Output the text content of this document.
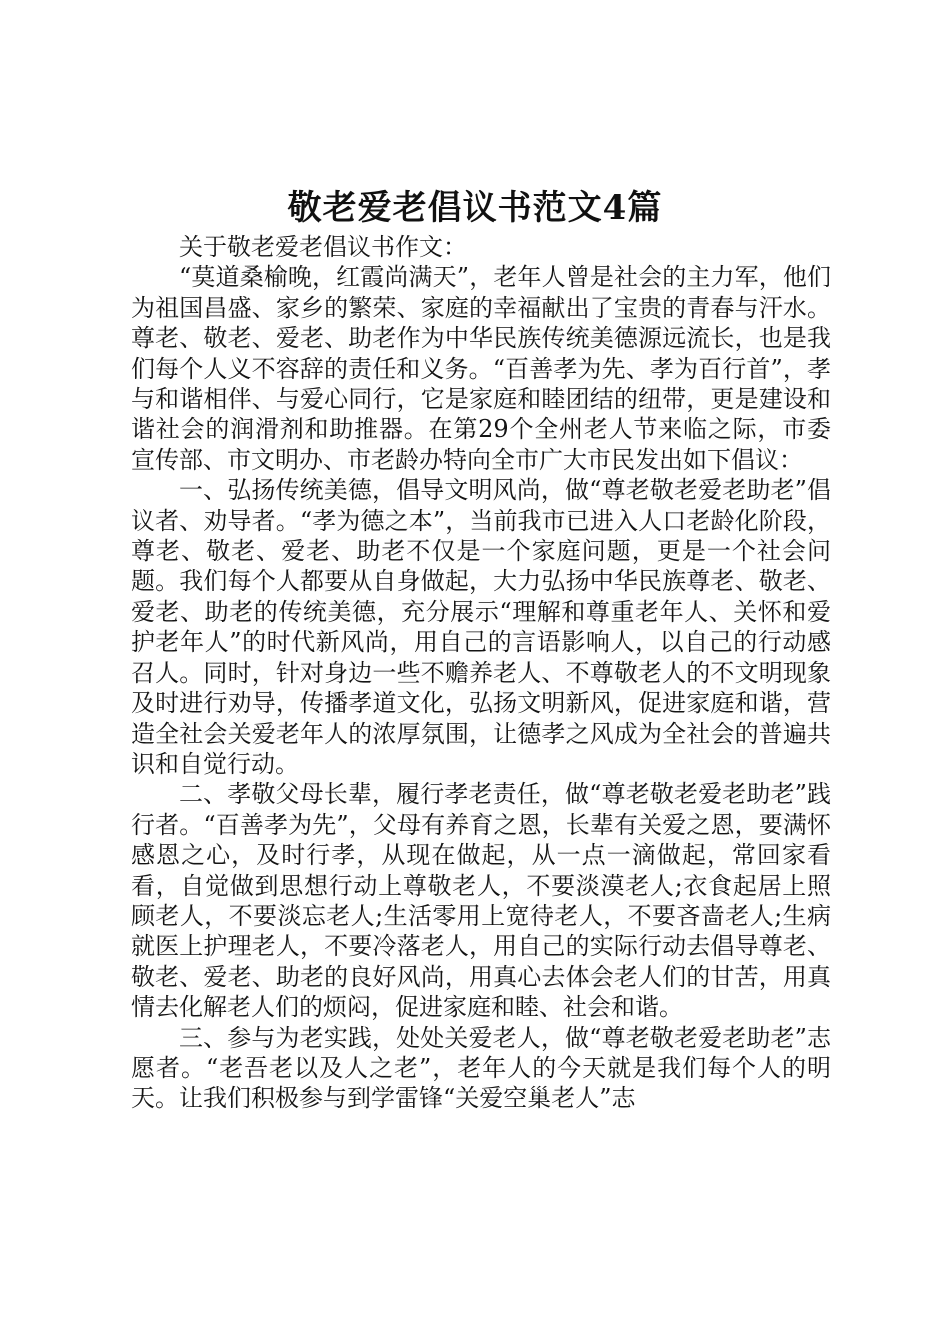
敬老爱老倡议书范文4篇

关于敬老爱老倡议书作文：

“莫道桑榆晚，红霞尚满天”，老年人曾是社会的主力军，他们为祖国昌盛、家乡的繁荣、家庭的幸福献出了宝贵的青春与汗水。尊老、敬老、爱老、助老作为中华民族传统美德源远流长，也是我们每个人义不容辞的责任和义务。“百善孝为先、孝为百行首”，孝与和谐相伴、与爱心同行，它是家庭和睦团结的纽带，更是建设和谐社会的润滑剂和助推器。在第29个全州老人节来临之际，市委宣传部、市文明办、市老龄办特向全市广大市民发出如下倡议：

一、弘扬传统美德，倡导文明风尚，做“尊老敬老爱老助老”倡议者、劝导者。“孝为德之本”，当前我市已进入人口老龄化阶段，尊老、敬老、爱老、助老不仅是一个家庭问题，更是一个社会问题。我们每个人都要从自身做起，大力弘扬中华民族尊老、敬老、爱老、助老的传统美德，充分展示“理解和尊重老年人、关怀和爱护老年人”的时代新风尚，用自己的言语影响人，以自己的行动感召人。同时，针对身边一些不赡养老人、不尊敬老人的不文明现象及时进行劝导，传播孝道文化，弘扬文明新风，促进家庭和谐，营造全社会关爱老年人的浓厚氛围，让德孝之风成为全社会的普遍共识和自觉行动。

二、孝敬父母长辈，履行孝老责任，做“尊老敬老爱老助老”践行者。“百善孝为先”，父母有养育之恩，长辈有关爱之恩，要满怀感恩之心，及时行孝，从现在做起，从一点一滴做起，常回家看看，自觉做到思想行动上尊敬老人，不要淡漠老人;衣食起居上照顾老人，不要淡忘老人;生活零用上宽待老人，不要吝啬老人;生病就医上护理老人，不要冷落老人，用自己的实际行动去倡导尊老、敬老、爱老、助老的良好风尚，用真心去体会老人们的甘苦，用真情去化解老人们的烦闷，促进家庭和睦、社会和谐。

三、参与为老实践，处处关爱老人，做“尊老敬老爱老助老”志愿者。“老吾老以及人之老”，老年人的今天就是我们每个人的明天。让我们积极参与到学雷锋“关爱空巢老人”志
